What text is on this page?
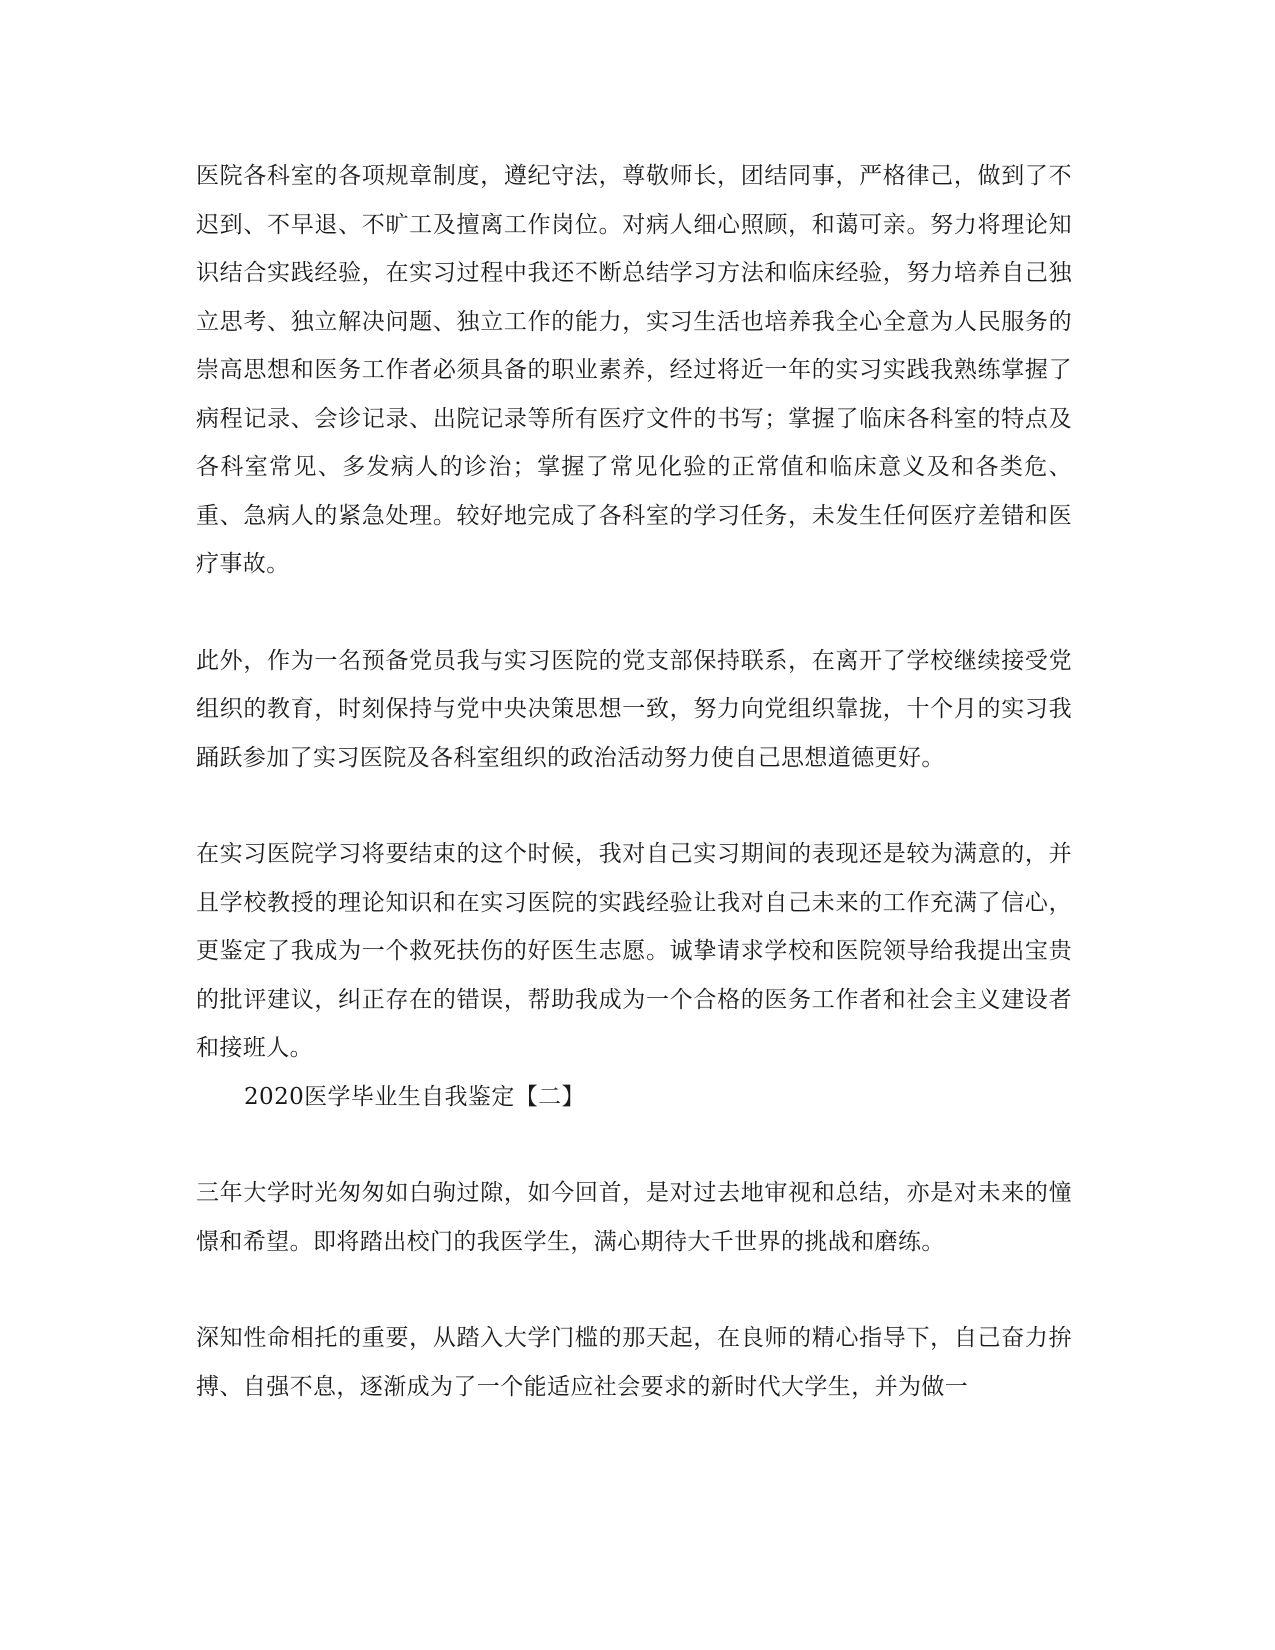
医院各科室的各项规章制度，遵纪守法，尊敬师长，团结同事，严格律己，做到了不迟到、不早退、不旷工及擅离工作岗位。对病人细心照顾，和蔼可亲。努力将理论知识结合实践经验，在实习过程中我还不断总结学习方法和临床经验，努力培养自己独立思考、独立解决问题、独立工作的能力，实习生活也培养我全心全意为人民服务的崇高思想和医务工作者必须具备的职业素养，经过将近一年的实习实践我熟练掌握了病程记录、会诊记录、出院记录等所有医疗文件的书写；掌握了临床各科室的特点及各科室常见、多发病人的诊治；掌握了常见化验的正常值和临床意义及和各类危、重、急病人的紧急处理。较好地完成了各科室的学习任务，未发生任何医疗差错和医疗事故。

此外，作为一名预备党员我与实习医院的党支部保持联系，在离开了学校继续接受党组织的教育，时刻保持与党中央决策思想一致，努力向党组织靠拢，十个月的实习我踊跃参加了实习医院及各科室组织的政治活动努力使自己思想道德更好。

在实习医院学习将要结束的这个时候，我对自己实习期间的表现还是较为满意的，并且学校教授的理论知识和在实习医院的实践经验让我对自己未来的工作充满了信心，更鉴定了我成为一个救死扶伤的好医生志愿。诚挚请求学校和医院领导给我提出宝贵的批评建议，纠正存在的错误，帮助我成为一个合格的医务工作者和社会主义建设者和接班人。

2020医学毕业生自我鉴定【二】

三年大学时光匆匆如白驹过隙，如今回首，是对过去地审视和总结，亦是对未来的憧憬和希望。即将踏出校门的我医学生，满心期待大千世界的挑战和磨练。

深知性命相托的重要，从踏入大学门槛的那天起，在良师的精心指导下，自己奋力拚搏、自强不息，逐渐成为了一个能适应社会要求的新时代大学生，并为做一
